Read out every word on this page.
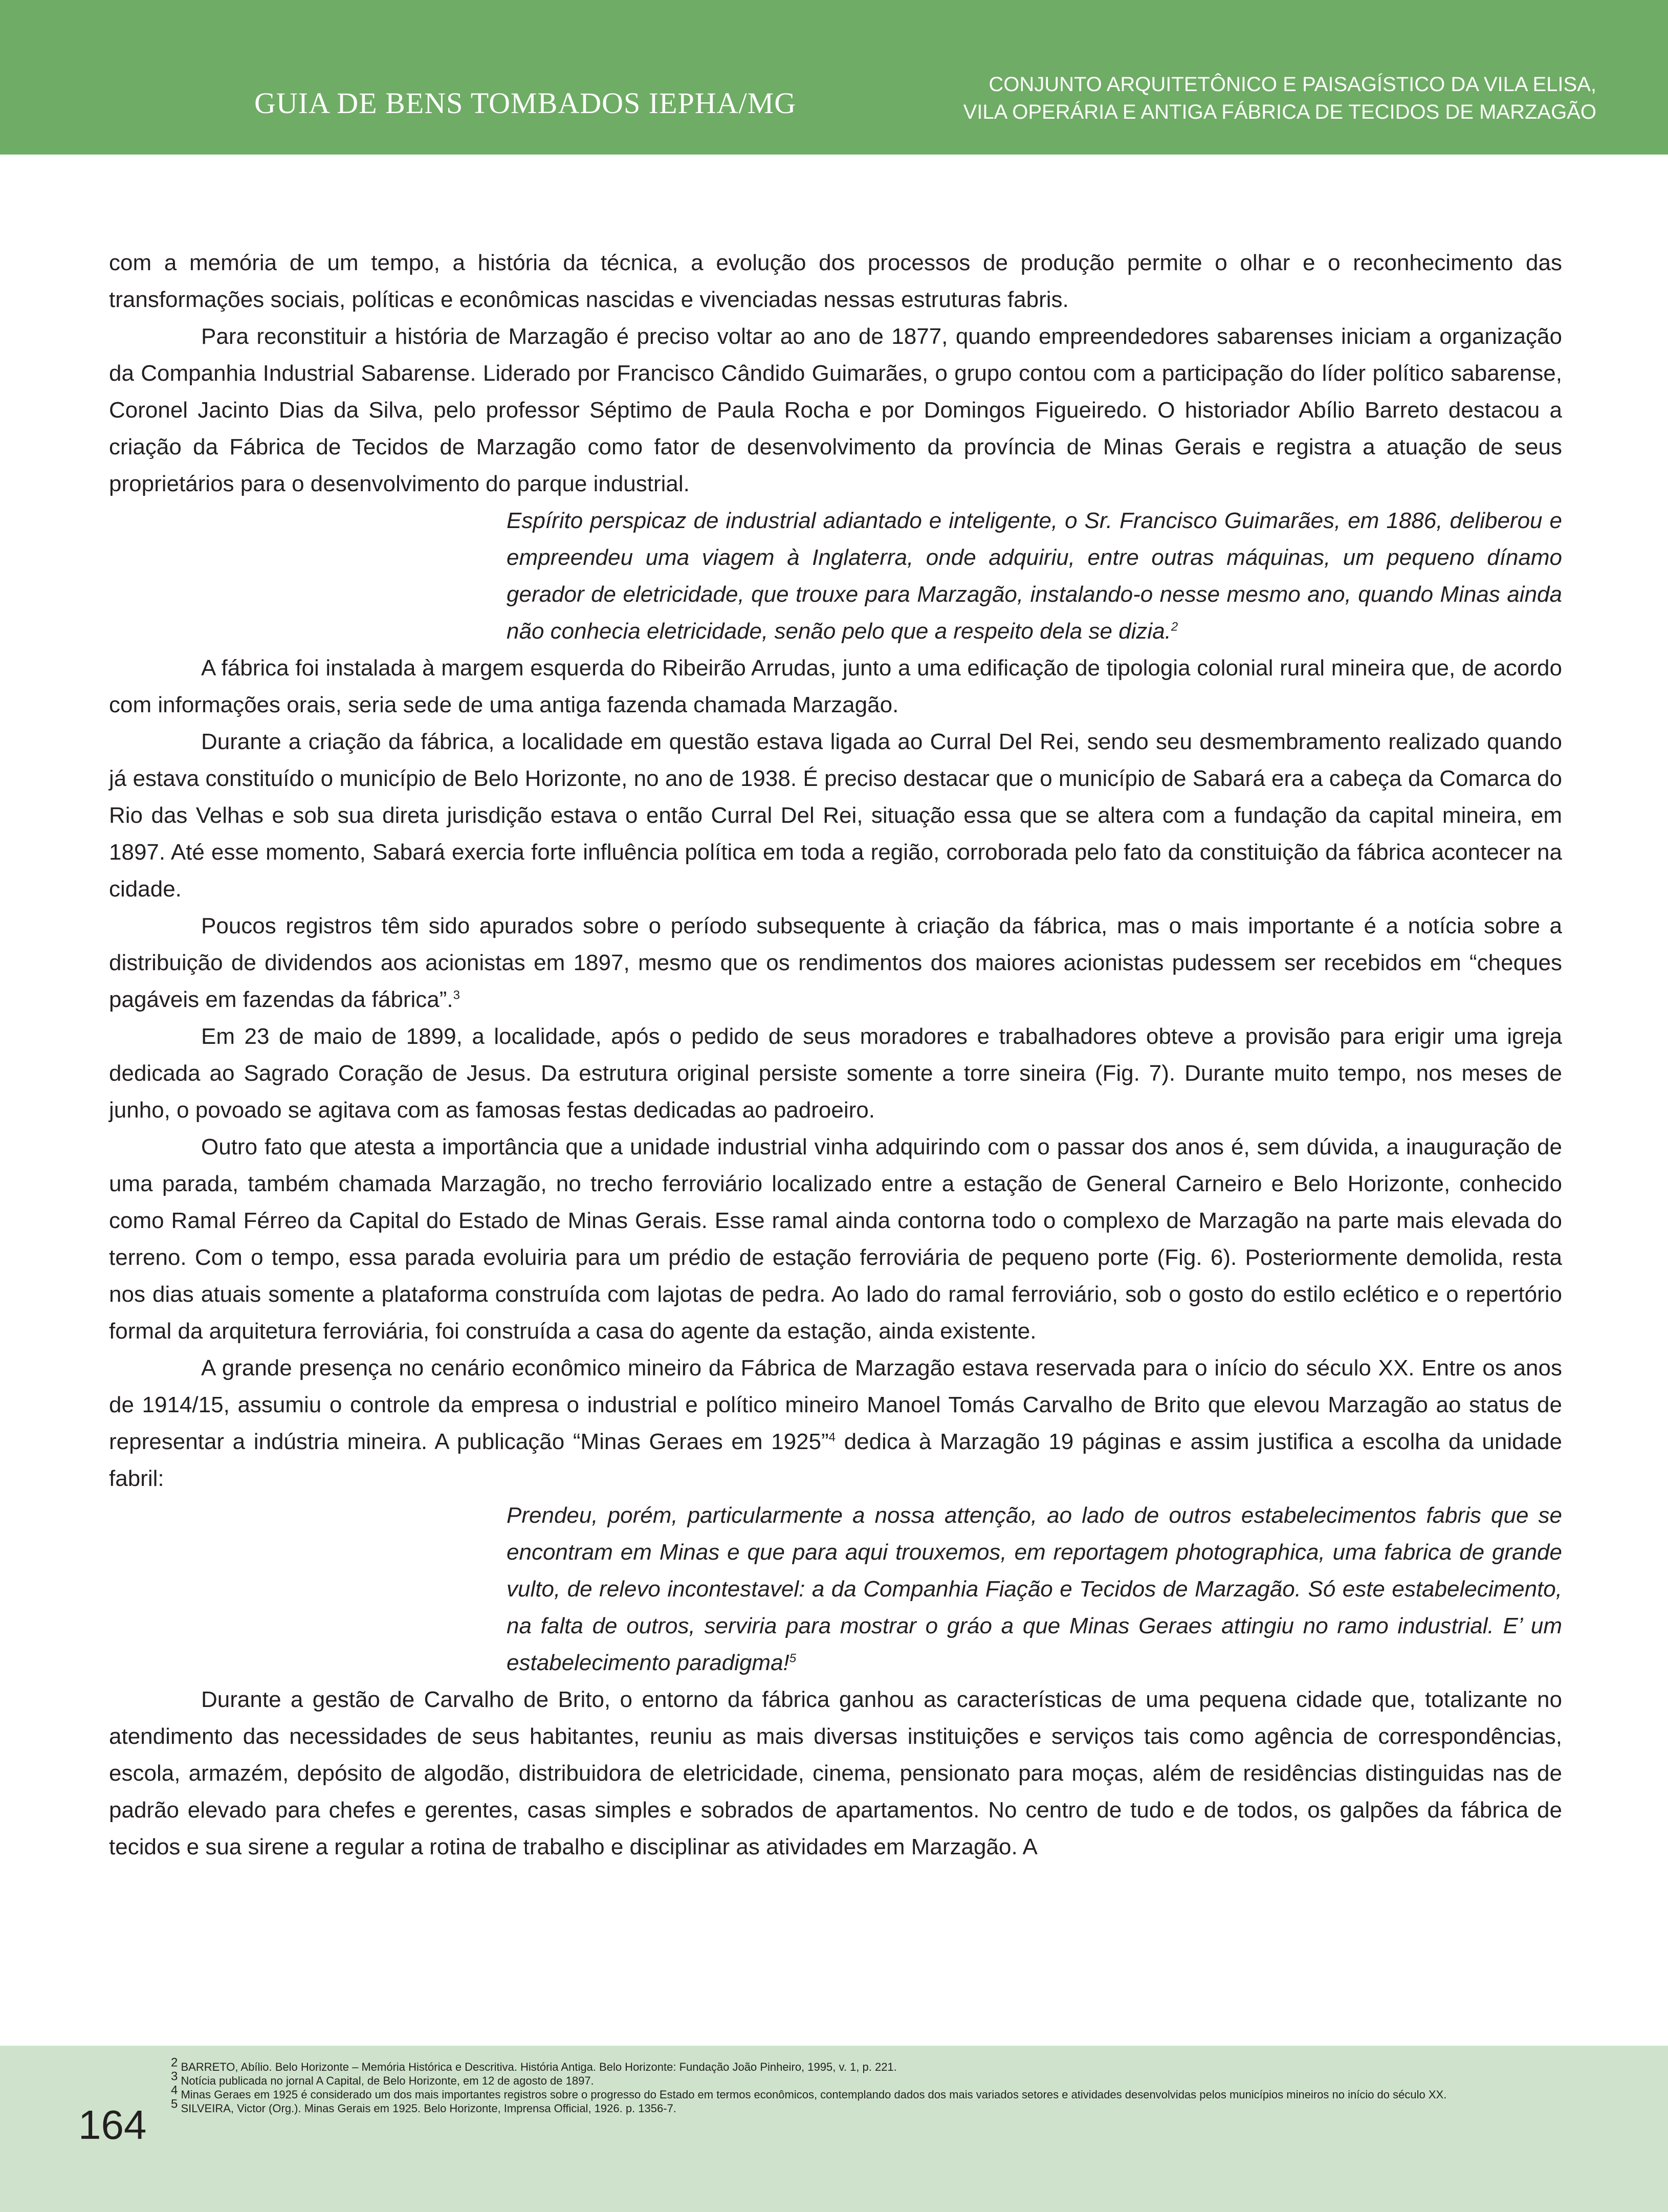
GUIA DE BENS TOMBADOS IEPHA/MG
CONJUNTO ARQUITETÔNICO E PAISAGÍSTICO DA VILA ELISA,
VILA OPERÁRIA E ANTIGA FÁBRICA DE TECIDOS DE MARZAGÃO

com a memória de um tempo, a história da técnica, a evolução dos processos de produção permite o olhar e o reconhecimento das transformações sociais, políticas e econômicas nascidas e vivenciadas nessas estruturas fabris.

Para reconstituir a história de Marzagão é preciso voltar ao ano de 1877, quando empreendedores sabarenses iniciam a organização da Companhia Industrial Sabarense. Liderado por Francisco Cândido Guimarães, o grupo contou com a participação do líder político sabarense, Coronel Jacinto Dias da Silva, pelo professor Séptimo de Paula Rocha e por Domingos Figueiredo. O historiador Abílio Barreto destacou a criação da Fábrica de Tecidos de Marzagão como fator de desenvolvimento da província de Minas Gerais e registra a atuação de seus proprietários para o desenvolvimento do parque industrial.

Espírito perspicaz de industrial adiantado e inteligente, o Sr. Francisco Guimarães, em 1886, deliberou e empreendeu uma viagem à Inglaterra, onde adquiriu, entre outras máquinas, um pequeno dínamo gerador de eletricidade, que trouxe para Marzagão, instalando-o nesse mesmo ano, quando Minas ainda não conhecia eletricidade, senão pelo que a respeito dela se dizia.$^2$

A fábrica foi instalada à margem esquerda do Ribeirão Arrudas, junto a uma edificação de tipologia colonial rural mineira que, de acordo com informações orais, seria sede de uma antiga fazenda chamada Marzagão.

Durante a criação da fábrica, a localidade em questão estava ligada ao Curral Del Rei, sendo seu desmembramento realizado quando já estava constituído o município de Belo Horizonte, no ano de 1938. É preciso destacar que o município de Sabará era a cabeça da Comarca do Rio das Velhas e sob sua direta jurisdição estava o então Curral Del Rei, situação essa que se altera com a fundação da capital mineira, em 1897. Até esse momento, Sabará exercia forte influência política em toda a região, corroborada pelo fato da constituição da fábrica acontecer na cidade.

Poucos registros têm sido apurados sobre o período subsequente à criação da fábrica, mas o mais importante é a notícia sobre a distribuição de dividendos aos acionistas em 1897, mesmo que os rendimentos dos maiores acionistas pudessem ser recebidos em “cheques pagáveis em fazendas da fábrica”.$^3$

Em 23 de maio de 1899, a localidade, após o pedido de seus moradores e trabalhadores obteve a provisão para erigir uma igreja dedicada ao Sagrado Coração de Jesus. Da estrutura original persiste somente a torre sineira (Fig. 7). Durante muito tempo, nos meses de junho, o povoado se agitava com as famosas festas dedicadas ao padroeiro.

Outro fato que atesta a importância que a unidade industrial vinha adquirindo com o passar dos anos é, sem dúvida, a inauguração de uma parada, também chamada Marzagão, no trecho ferroviário localizado entre a estação de General Carneiro e Belo Horizonte, conhecido como Ramal Férreo da Capital do Estado de Minas Gerais. Esse ramal ainda contorna todo o complexo de Marzagão na parte mais elevada do terreno. Com o tempo, essa parada evoluiria para um prédio de estação ferroviária de pequeno porte (Fig. 6). Posteriormente demolida, resta nos dias atuais somente a plataforma construída com lajotas de pedra. Ao lado do ramal ferroviário, sob o gosto do estilo eclético e o repertório formal da arquitetura ferroviária, foi construída a casa do agente da estação, ainda existente.

A grande presença no cenário econômico mineiro da Fábrica de Marzagão estava reservada para o início do século XX. Entre os anos de 1914/15, assumiu o controle da empresa o industrial e político mineiro Manoel Tomás Carvalho de Brito que elevou Marzagão ao status de representar a indústria mineira. A publicação “Minas Geraes em 1925”$^4$ dedica à Marzagão 19 páginas e assim justifica a escolha da unidade fabril:

Prendeu, porém, particularmente a nossa attenção, ao lado de outros estabelecimentos fabris que se encontram em Minas e que para aqui trouxemos, em reportagem photographica, uma fabrica de grande vulto, de relevo incontestavel: a da Companhia Fiação e Tecidos de Marzagão. Só este estabelecimento, na falta de outros, serviria para mostrar o gráo a que Minas Geraes attingiu no ramo industrial. E’ um estabelecimento paradigma!$^5$

Durante a gestão de Carvalho de Brito, o entorno da fábrica ganhou as características de uma pequena cidade que, totalizante no atendimento das necessidades de seus habitantes, reuniu as mais diversas instituições e serviços tais como agência de correspondências, escola, armazém, depósito de algodão, distribuidora de eletricidade, cinema, pensionato para moças, além de residências distinguidas nas de padrão elevado para chefes e gerentes, casas simples e sobrados de apartamentos. No centro de tudo e de todos, os galpões da fábrica de tecidos e sua sirene a regular a rotina de trabalho e disciplinar as atividades em Marzagão. A

164
$^2$ BARRETO, Abílio. Belo Horizonte – Memória Histórica e Descritiva. História Antiga. Belo Horizonte: Fundação João Pinheiro, 1995, v. 1, p. 221.
$^3$ Notícia publicada no jornal A Capital, de Belo Horizonte, em 12 de agosto de 1897.
$^4$ Minas Geraes em 1925 é considerado um dos mais importantes registros sobre o progresso do Estado em termos econômicos, contemplando dados dos mais variados setores e atividades desenvolvidas pelos municípios mineiros no início do século XX.
$^5$ SILVEIRA, Victor (Org.). Minas Gerais em 1925. Belo Horizonte, Imprensa Official, 1926. p. 1356-7.
